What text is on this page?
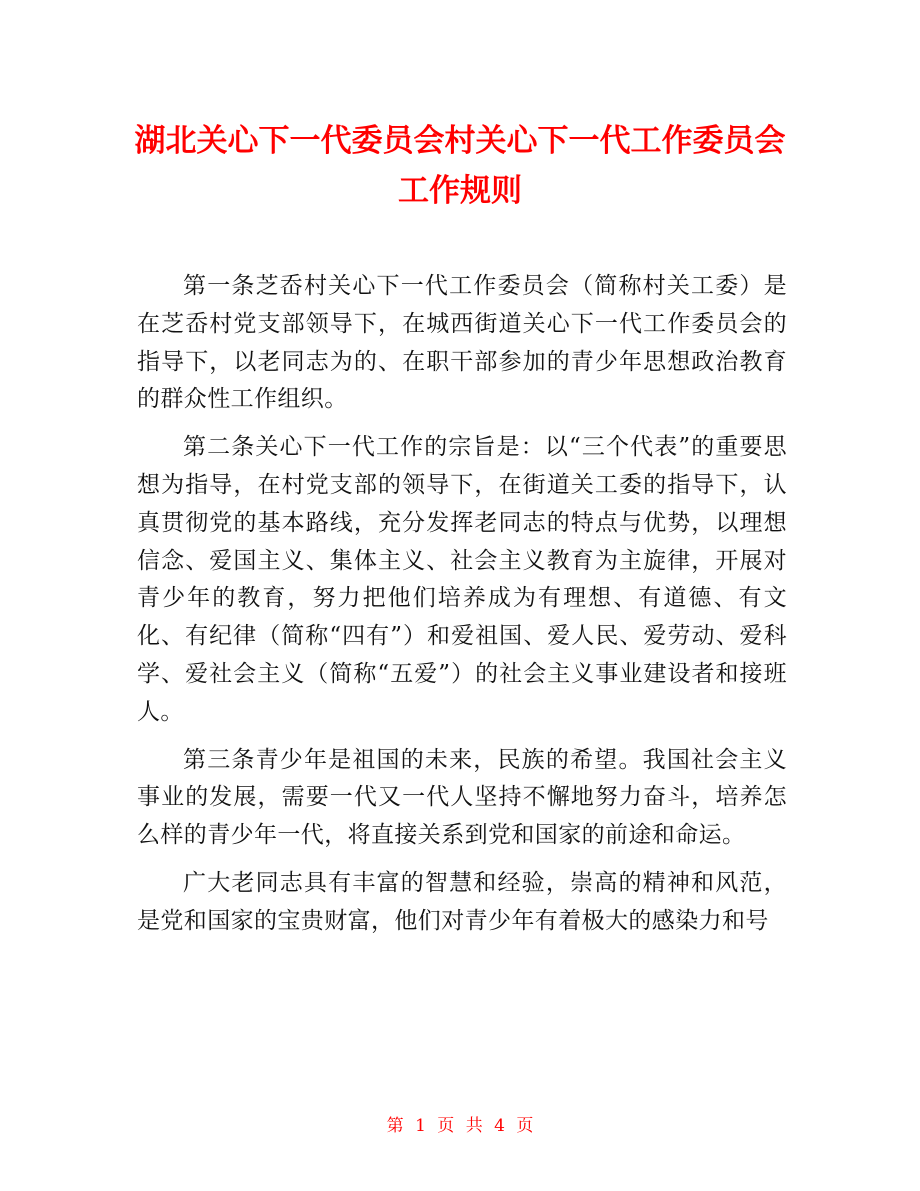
湖北关心下一代委员会村关心下一代工作委员会工作规则

第一条芝岙村关心下一代工作委员会（简称村关工委）是在芝岙村党支部领导下，在城西街道关心下一代工作委员会的指导下，以老同志为的、在职干部参加的青少年思想政治教育的群众性工作组织。

第二条关心下一代工作的宗旨是：以“三个代表”的重要思想为指导，在村党支部的领导下，在街道关工委的指导下，认真贯彻党的基本路线，充分发挥老同志的特点与优势，以理想信念、爱国主义、集体主义、社会主义教育为主旋律，开展对青少年的教育，努力把他们培养成为有理想、有道德、有文化、有纪律（简称“四有”）和爱祖国、爱人民、爱劳动、爱科学、爱社会主义（简称“五爱”）的社会主义事业建设者和接班人。

第三条青少年是祖国的未来，民族的希望。我国社会主义事业的发展，需要一代又一代人坚持不懈地努力奋斗，培养怎么样的青少年一代，将直接关系到党和国家的前途和命运。

广大老同志具有丰富的智慧和经验，崇高的精神和风范，是党和国家的宝贵财富，他们对青少年有着极大的感染力和号

第 1 页 共 4 页
